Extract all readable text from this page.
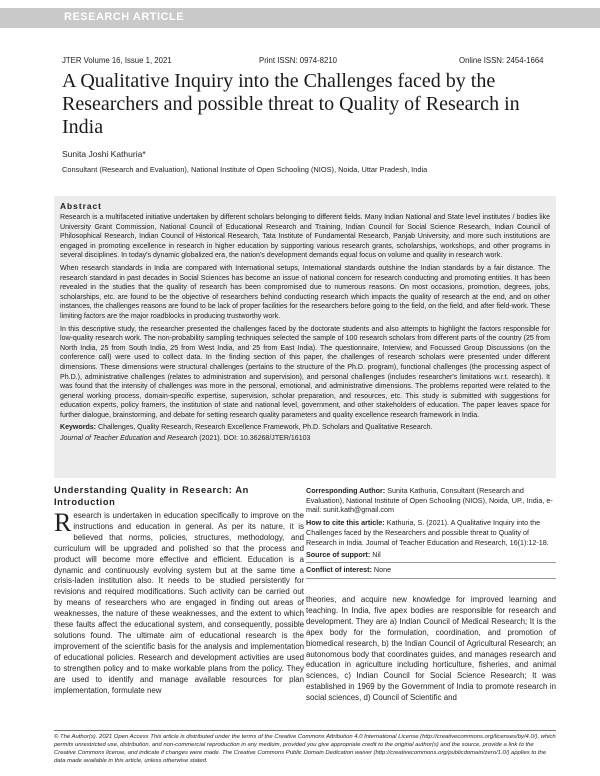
RESEARCH ARTICLE
JTER Volume 16, Issue 1, 2021	Print ISSN: 0974-8210	Online ISSN: 2454-1664
A Qualitative Inquiry into the Challenges faced by the Researchers and possible threat to Quality of Research in India
Sunita Joshi Kathuria*
Consultant (Research and Evaluation), National Institute of Open Schooling (NIOS), Noida, Uttar Pradesh, India
Abstract

Research is a multifaceted initiative undertaken by different scholars belonging to different fields. Many Indian National and State level institutes / bodies like University Grant Commission, National Council of Educational Research and Training, Indian Council for Social Science Research, Indian Council of Philosophical Research, Indian Council of Historical Research, Tata Institute of Fundamental Research, Panjab University, and more such institutions are engaged in promoting excellence in research in higher education by supporting various research grants, scholarships, workshops, and other programs in several disciplines. In today's dynamic globalized era, the nation's development demands equal focus on volume and quality in research work.

When research standards in India are compared with International setups, International standards outshine the Indian standards by a fair distance. The research standard in past decades in Social Sciences has become an issue of national concern for research conducting and promoting entities. It has been revealed in the studies that the quality of research has been compromised due to numerous reasons. On most occasions, promotion, degrees, jobs, scholarships, etc. are found to be the objective of researchers behind conducting research which impacts the quality of research at the end, and on other instances, the challenges reasons are found to be lack of proper facilities for the researchers before going to the field, on the field, and after field-work. These limiting factors are the major roadblocks in producing trustworthy work.

In this descriptive study, the researcher presented the challenges faced by the doctorate students and also attempts to highlight the factors responsible for low-quality research work. The non-probability sampling techniques selected the sample of 100 research scholars from different parts of the country (25 from North India, 25 from South India, 25 from West India, and 25 from East India). The questionnaire, Interview, and Focussed Group Discussions (on the conference call) were used to collect data. In the finding section of this paper, the challenges of research scholars were presented under different dimensions. These dimensions were structural challenges (pertains to the structure of the Ph.D. program), functional challenges (the processing aspect of Ph.D.), administrative challenges (relates to administration and supervision), and personal challenges (includes researcher's limitations w.r.t. research). It was found that the intensity of challenges was more in the personal, emotional, and administrative dimensions. The problems reported were related to the general working process, domain-specific expertise, supervision, scholar preparation, and resources, etc. This study is submitted with suggestions for education experts, policy framers, the institution of state and national level, government, and other stakeholders of education. The paper leaves space for further dialogue, brainstorming, and debate for setting research quality parameters and quality excellence research framework in India.

Keywords: Challenges, Quality Research, Research Excellence Framework, Ph.D. Scholars and Qualitative Research.

Journal of Teacher Education and Research (2021). DOI: 10.36268/JTER/16103

Understanding Quality in Research: An Introduction

Research is undertaken in education specifically to improve on the instructions and education in general. As per its nature, it is believed that norms, policies, structures, methodology, and curriculum will be upgraded and polished so that the process and product will become more effective and efficient. Education is a dynamic and continuously evolving system but at the same time a crisis-laden institution also. It needs to be studied persistently for revisions and required modifications. Such activity can be carried out by means of researchers who are engaged in finding out areas of weaknesses, the nature of these weaknesses, and the extent to which these faults affect the educational system, and consequently, possible solutions found. The ultimate aim of educational research is the improvement of the scientific basis for the analysis and implementation of educational policies. Research and development activities are used to strengthen policy and to make workable plans from the policy. They are used to identify and manage available resources for plan implementation, formulate new

Corresponding Author: Sunita Kathuria, Consultant (Research and Evaluation), National Institute of Open Schooling (NIOS), Noida, UP., India, e-mail: sunit.kath@gmail.com

How to cite this article: Kathuria, S. (2021). A Qualitative Inquiry into the Challenges faced by the Researchers and possible threat to Quality of Research in India. Journal of Teacher Education and Research, 16(1):12-18.

Source of support: Nil

Conflict of interest: None

theories, and acquire new knowledge for improved learning and teaching. In India, five apex bodies are responsible for research and development. They are a) Indian Council of Medical Research; It is the apex body for the formulation, coordination, and promotion of biomedical research, b) the Indian Council of Agricultural Research; an autonomous body that coordinates guides, and manages research and education in agriculture including horticulture, fisheries, and animal sciences, c) Indian Council for Social Science Research; It was established in 1969 by the Government of India to promote research in social sciences, d) Council of Scientific and

© The Author(s). 2021 Open Access This article is distributed under the terms of the Creative Commons Attribution 4.0 International License (http://creativecommons.org/licenses/by/4.0/), which permits unrestricted use, distribution, and non-commercial reproduction in any medium, provided you give appropriate credit to the original author(s) and the source, provide a link to the Creative Commons license, and indicate if changes were made. The Creative Commons Public Domain Dedication waiver (http://creativecommons.org/publicdomain/zero/1.0/) applies to the data made available in this article, unless otherwise stated.
